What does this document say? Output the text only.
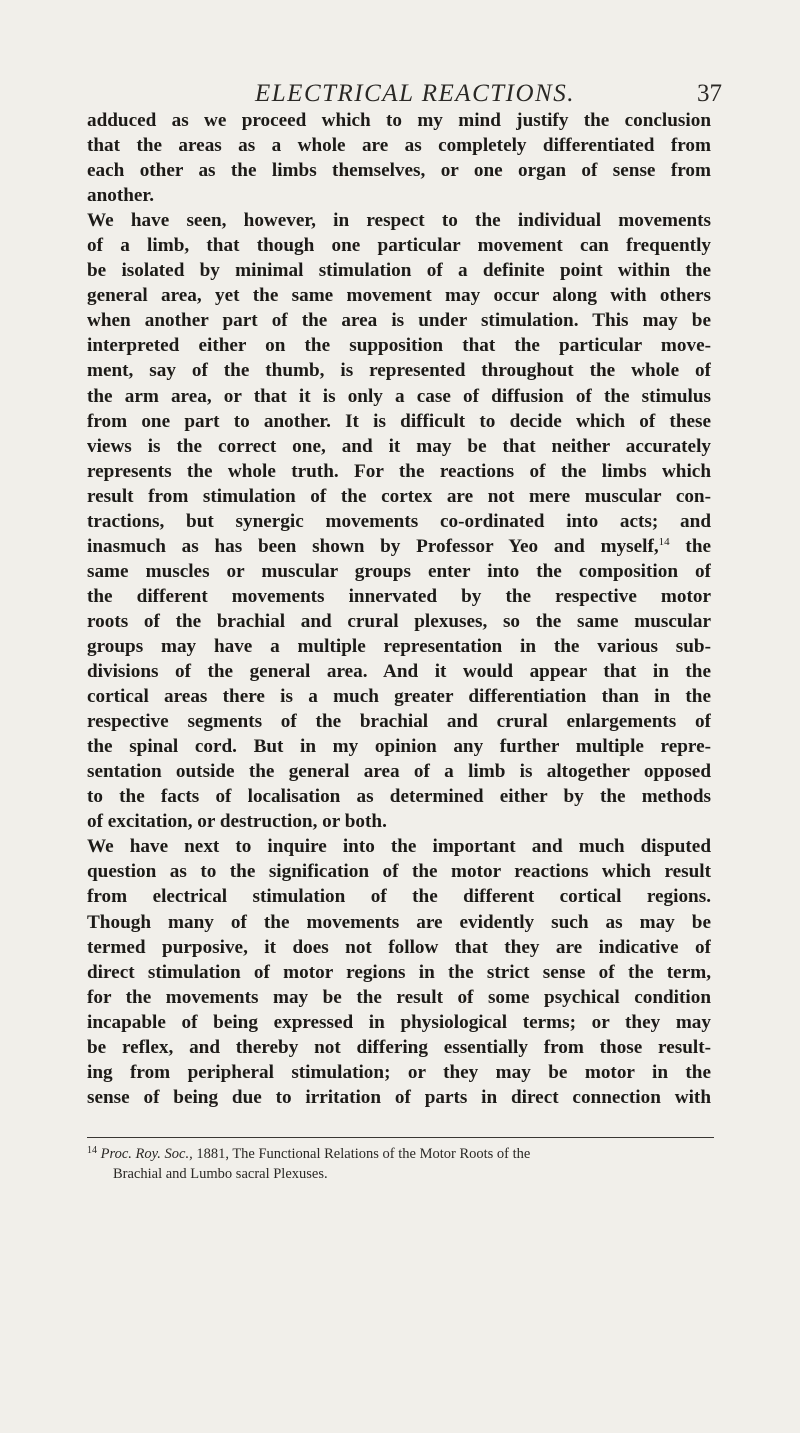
ELECTRICAL REACTIONS.	37
adduced as we proceed which to my mind justify the conclusion
that the areas as a whole are as completely differentiated from
each other as the limbs themselves, or one organ of sense from
another.
We have seen, however, in respect to the individual movements
of a limb, that though one particular movement can frequently
be isolated by minimal stimulation of a definite point within the
general area, yet the same movement may occur along with others
when another part of the area is under stimulation. This may be
interpreted either on the supposition that the particular move-
ment, say of the thumb, is represented throughout the whole of
the arm area, or that it is only a case of diffusion of the stimulus
from one part to another. It is difficult to decide which of these
views is the correct one, and it may be that neither accurately
represents the whole truth. For the reactions of the limbs which
result from stimulation of the cortex are not mere muscular con-
tractions, but synergic movements co-ordinated into acts; and
inasmuch as has been shown by Professor Yeo and myself,$^{14}$ the
same muscles or muscular groups enter into the composition of
the different movements innervated by the respective motor
roots of the brachial and crural plexuses, so the same muscular
groups may have a multiple representation in the various sub-
divisions of the general area. And it would appear that in the
cortical areas there is a much greater differentiation than in the
respective segments of the brachial and crural enlargements of
the spinal cord. But in my opinion any further multiple repre-
sentation outside the general area of a limb is altogether opposed
to the facts of localisation as determined either by the methods
of excitation, or destruction, or both.
We have next to inquire into the important and much disputed
question as to the signification of the motor reactions which result
from electrical stimulation of the different cortical regions.
Though many of the movements are evidently such as may be
termed purposive, it does not follow that they are indicative of
direct stimulation of motor regions in the strict sense of the term,
for the movements may be the result of some psychical condition
incapable of being expressed in physiological terms; or they may
be reflex, and thereby not differing essentially from those result-
ing from peripheral stimulation; or they may be motor in the
sense of being due to irritation of parts in direct connection with
$^{14}$ Proc. Roy. Soc., 1881, The Functional Relations of the Motor Roots of the
Brachial and Lumbo sacral Plexuses.
